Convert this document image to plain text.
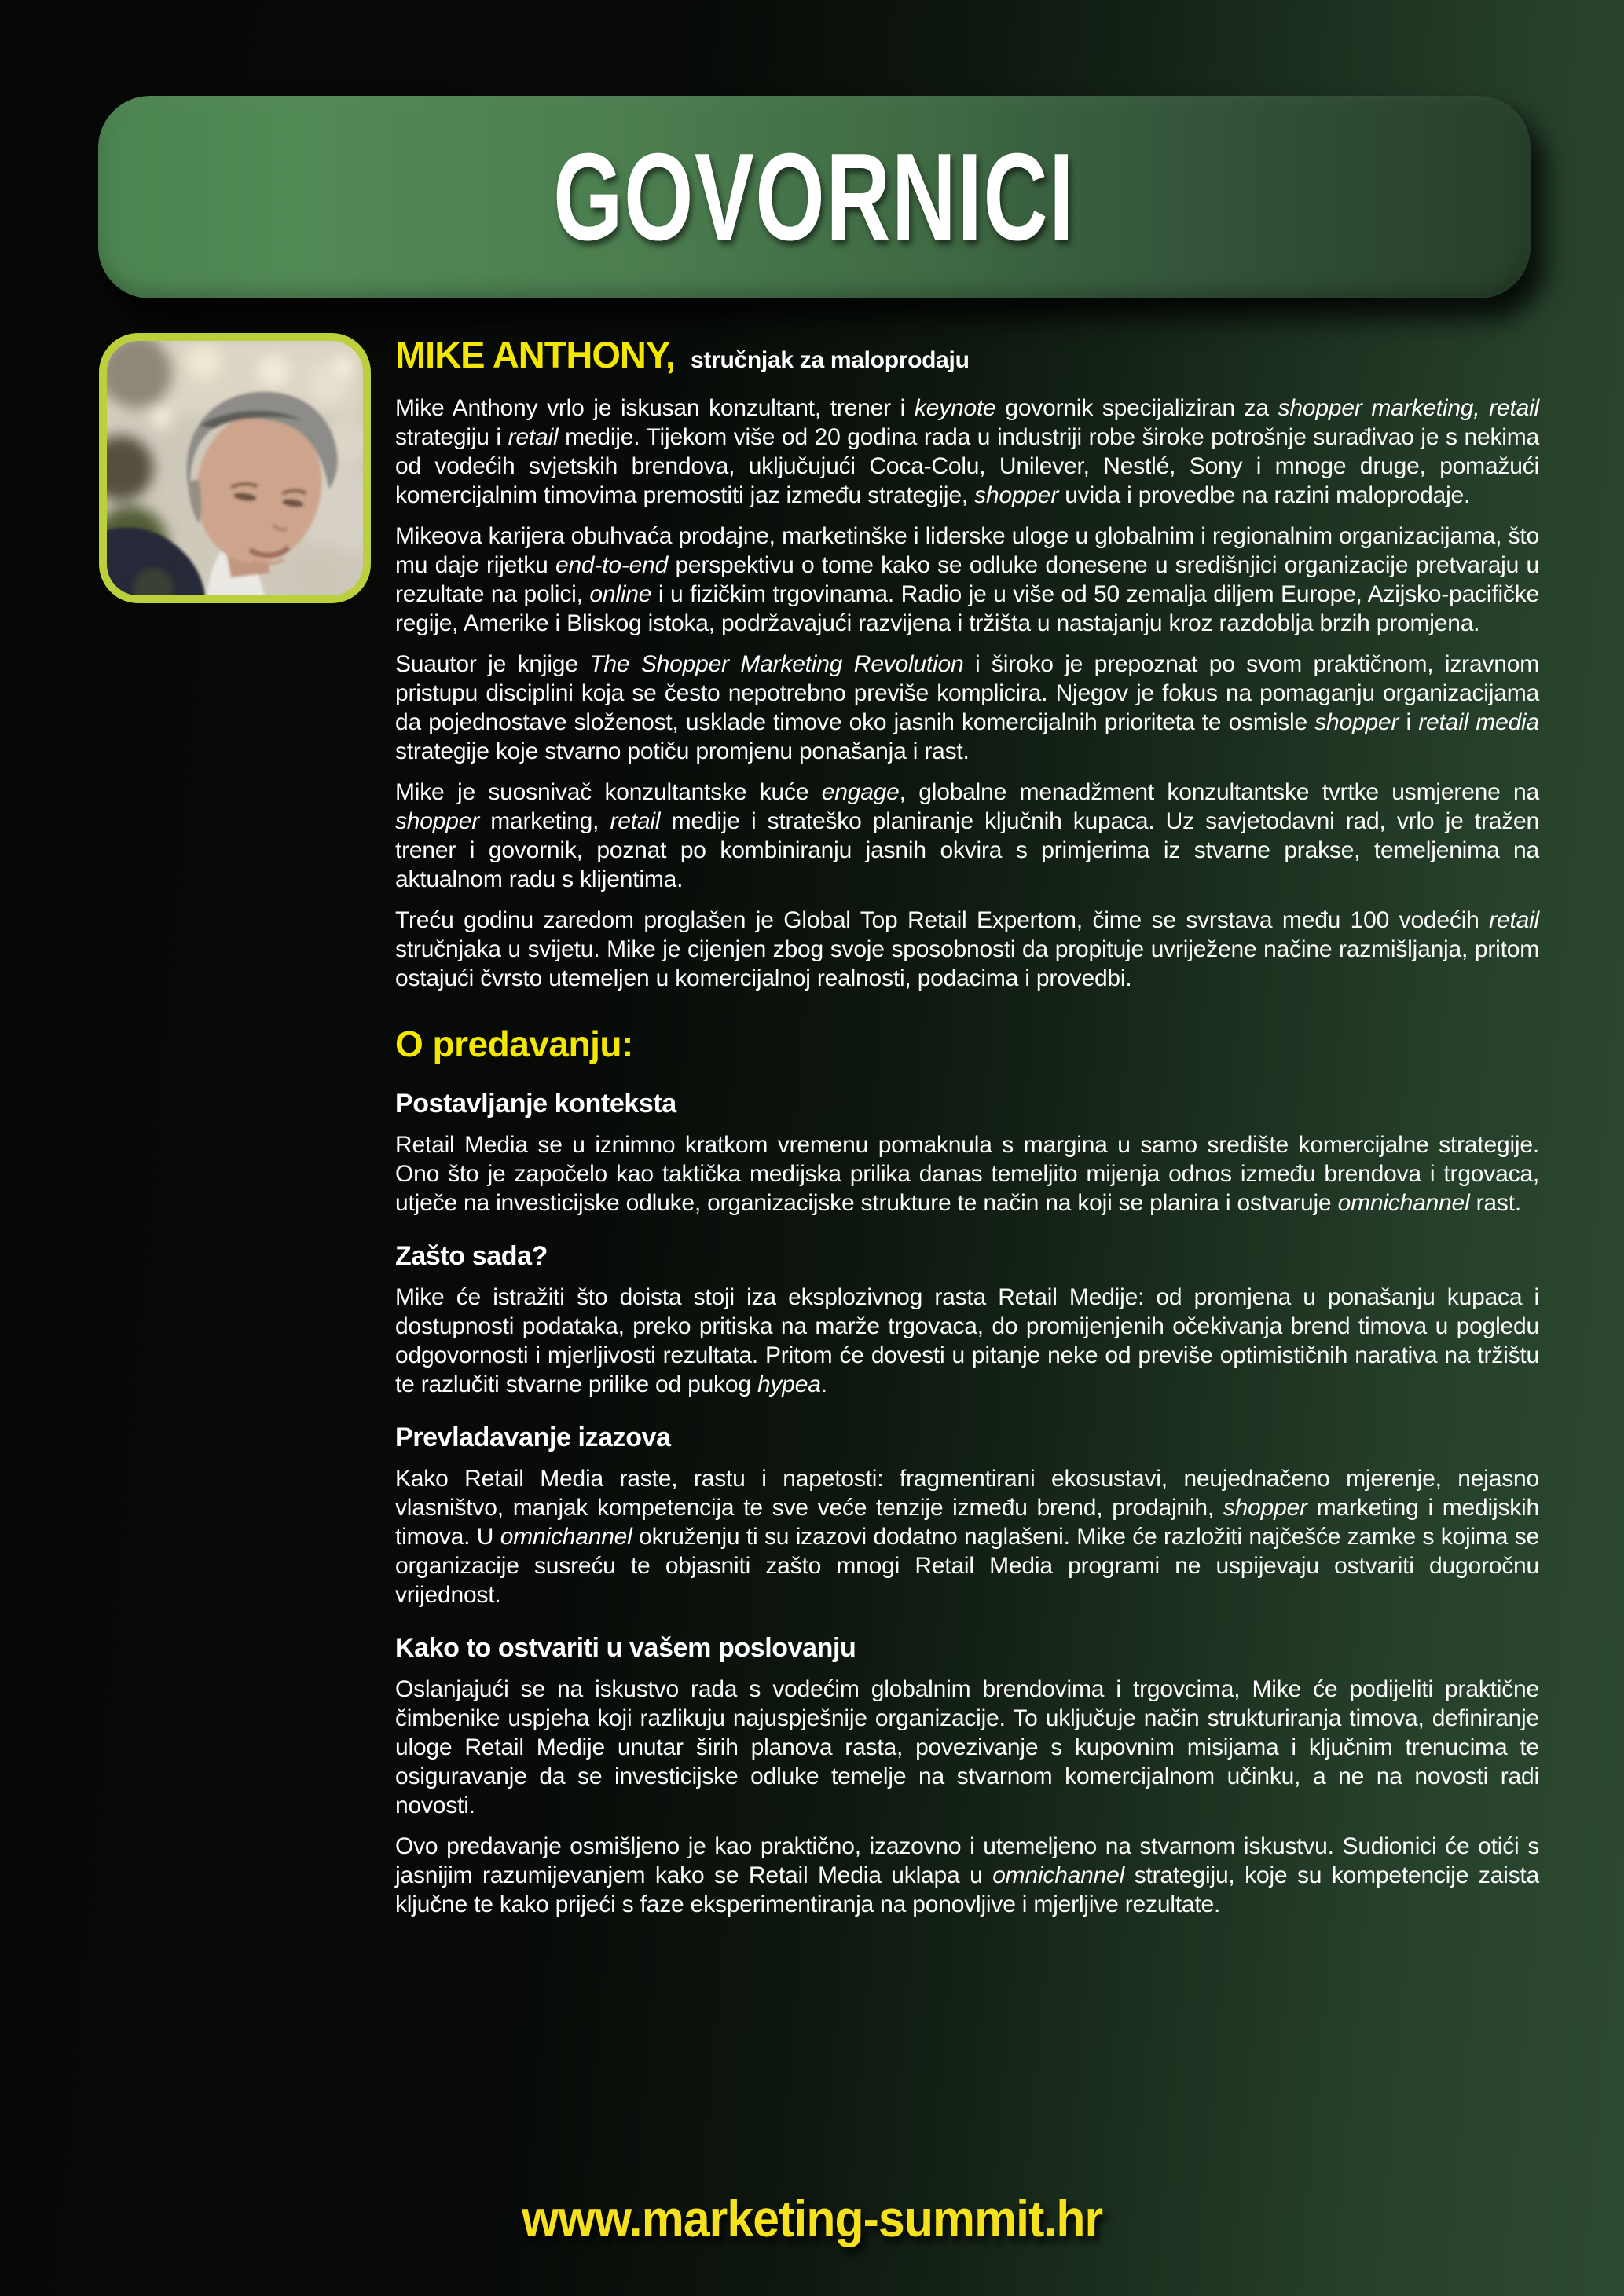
GOVORNICI
MIKE ANTHONY, stručnjak za maloprodaju

Mike Anthony vrlo je iskusan konzultant, trener i keynote govornik specijaliziran za shopper marketing, retail strategiju i retail medije. Tijekom više od 20 godina rada u industriji robe široke potrošnje surađivao je s nekima od vodećih svjetskih brendova, uključujući Coca-Colu, Unilever, Nestlé, Sony i mnoge druge, pomažući komercijalnim timovima premostiti jaz između strategije, shopper uvida i provedbe na razini maloprodaje.

Mikeova karijera obuhvaća prodajne, marketinške i liderske uloge u globalnim i regionalnim organizacijama, što mu daje rijetku end-to-end perspektivu o tome kako se odluke donesene u središnjici organizacije pretvaraju u rezultate na polici, online i u fizičkim trgovinama. Radio je u više od 50 zemalja diljem Europe, Azijsko-pacifičke regije, Amerike i Bliskog istoka, podržavajući razvijena i tržišta u nastajanju kroz razdoblja brzih promjena.

Suautor je knjige The Shopper Marketing Revolution i široko je prepoznat po svom praktičnom, izravnom pristupu disciplini koja se često nepotrebno previše komplicira. Njegov je fokus na pomaganju organizacijama da pojednostave složenost, usklade timove oko jasnih komercijalnih prioriteta te osmisle shopper i retail media strategije koje stvarno potiču promjenu ponašanja i rast.

Mike je suosnivač konzultantske kuće engage, globalne menadžment konzultantske tvrtke usmjerene na shopper marketing, retail medije i strateško planiranje ključnih kupaca. Uz savjetodavni rad, vrlo je tražen trener i govornik, poznat po kombiniranju jasnih okvira s primjerima iz stvarne prakse, temeljenima na aktualnom radu s klijentima.

Treću godinu zaredom proglašen je Global Top Retail Expertom, čime se svrstava među 100 vodećih retail stručnjaka u svijetu. Mike je cijenjen zbog svoje sposobnosti da propituje uvriježene načine razmišljanja, pritom ostajući čvrsto utemeljen u komercijalnoj realnosti, podacima i provedbi.

O predavanju:
Postavljanje konteksta

Retail Media se u iznimno kratkom vremenu pomaknula s margina u samo središte komercijalne strategije. Ono što je započelo kao taktička medijska prilika danas temeljito mijenja odnos između brendova i trgovaca, utječe na investicijske odluke, organizacijske strukture te način na koji se planira i ostvaruje omnichannel rast.

Zašto sada?

Mike će istražiti što doista stoji iza eksplozivnog rasta Retail Medije: od promjena u ponašanju kupaca i dostupnosti podataka, preko pritiska na marže trgovaca, do promijenjenih očekivanja brend timova u pogledu odgovornosti i mjerljivosti rezultata. Pritom će dovesti u pitanje neke od previše optimističnih narativa na tržištu te razlučiti stvarne prilike od pukog hypea.

Prevladavanje izazova

Kako Retail Media raste, rastu i napetosti: fragmentirani ekosustavi, neujednačeno mjerenje, nejasno vlasništvo, manjak kompetencija te sve veće tenzije između brend, prodajnih, shopper marketing i medijskih timova. U omnichannel okruženju ti su izazovi dodatno naglašeni. Mike će razložiti najčešće zamke s kojima se organizacije susreću te objasniti zašto mnogi Retail Media programi ne uspijevaju ostvariti dugoročnu vrijednost.

Kako to ostvariti u vašem poslovanju

Oslanjajući se na iskustvo rada s vodećim globalnim brendovima i trgovcima, Mike će podijeliti praktične čimbenike uspjeha koji razlikuju najuspješnije organizacije. To uključuje način strukturiranja timova, definiranje uloge Retail Medije unutar širih planova rasta, povezivanje s kupovnim misijama i ključnim trenucima te osiguravanje da se investicijske odluke temelje na stvarnom komercijalnom učinku, a ne na novosti radi novosti.

Ovo predavanje osmišljeno je kao praktično, izazovno i utemeljeno na stvarnom iskustvu. Sudionici će otići s jasnijim razumijevanjem kako se Retail Media uklapa u omnichannel strategiju, koje su kompetencije zaista ključne te kako prijeći s faze eksperimentiranja na ponovljive i mjerljive rezultate.

www.marketing-summit.hr
